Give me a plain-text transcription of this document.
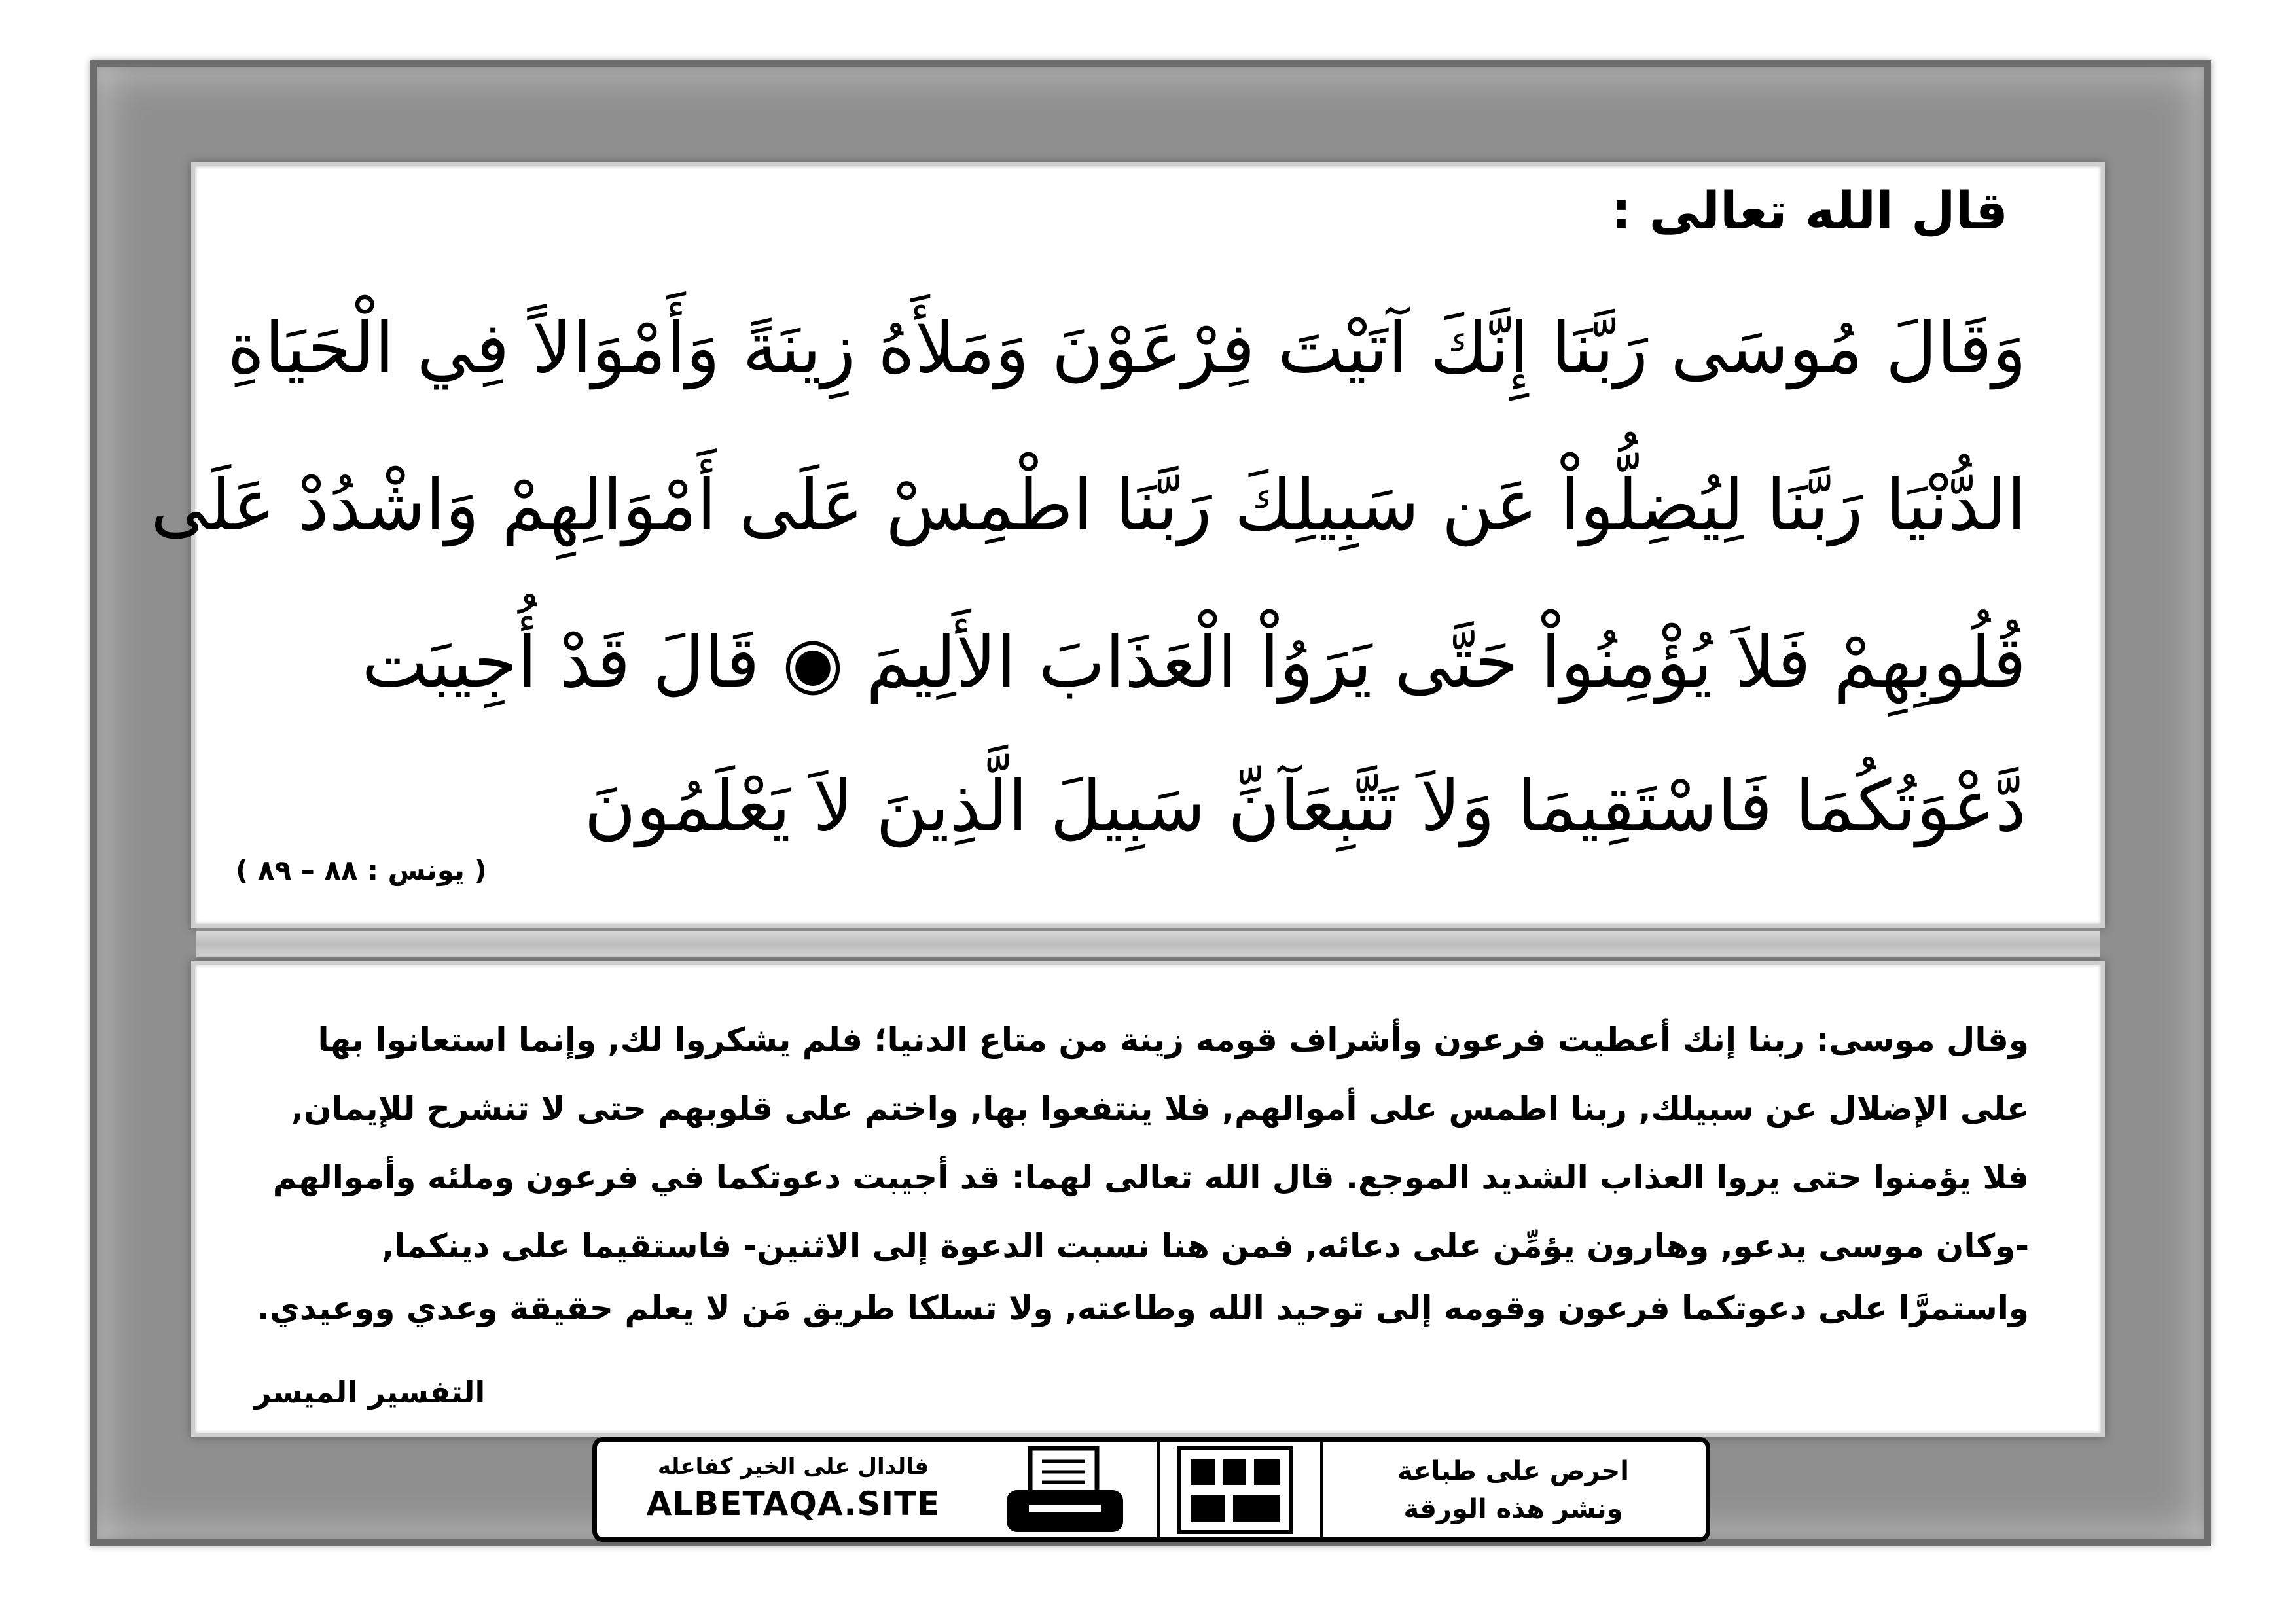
قال الله تعالى :
وَقَالَ مُوسَى رَبَّنَا إِنَّكَ آتَيْتَ فِرْعَوْنَ وَمَلأَهُ زِينَةً وَأَمْوَالاً فِي الْحَيَاةِ
الدُّنْيَا رَبَّنَا لِيُضِلُّواْ عَن سَبِيلِكَ رَبَّنَا اطْمِسْ عَلَى أَمْوَالِهِمْ وَاشْدُدْ عَلَى
قُلُوبِهِمْ فَلاَ يُؤْمِنُواْ حَتَّى يَرَوُاْ الْعَذَابَ الأَلِيمَ ◉ قَالَ قَدْ أُجِيبَت
دَّعْوَتُكُمَا فَاسْتَقِيمَا وَلاَ تَتَّبِعَآنِّ سَبِيلَ الَّذِينَ لاَ يَعْلَمُونَ
( يونس : ٨٨ – ٨٩ )
وقال موسى: ربنا إنك أعطيت فرعون وأشراف قومه زينة من متاع الدنيا؛ فلم يشكروا لك, وإنما استعانوا بها
على الإضلال عن سبيلك, ربنا اطمس على أموالهم, فلا ينتفعوا بها, واختم على قلوبهم حتى لا تنشرح للإيمان,
فلا يؤمنوا حتى يروا العذاب الشديد الموجع. قال الله تعالى لهما: قد أجيبت دعوتكما في فرعون وملئه وأموالهم
-وكان موسى يدعو, وهارون يؤمِّن على دعائه, فمن هنا نسبت الدعوة إلى الاثنين- فاستقيما على دينكما,
واستمرَّا على دعوتكما فرعون وقومه إلى توحيد الله وطاعته, ولا تسلكا طريق مَن لا يعلم حقيقة وعدي ووعيدي.
التفسير الميسر
فالدال على الخير كفاعله
ALBETAQA.SITE
احرص على طباعة
ونشر هذه الورقة
